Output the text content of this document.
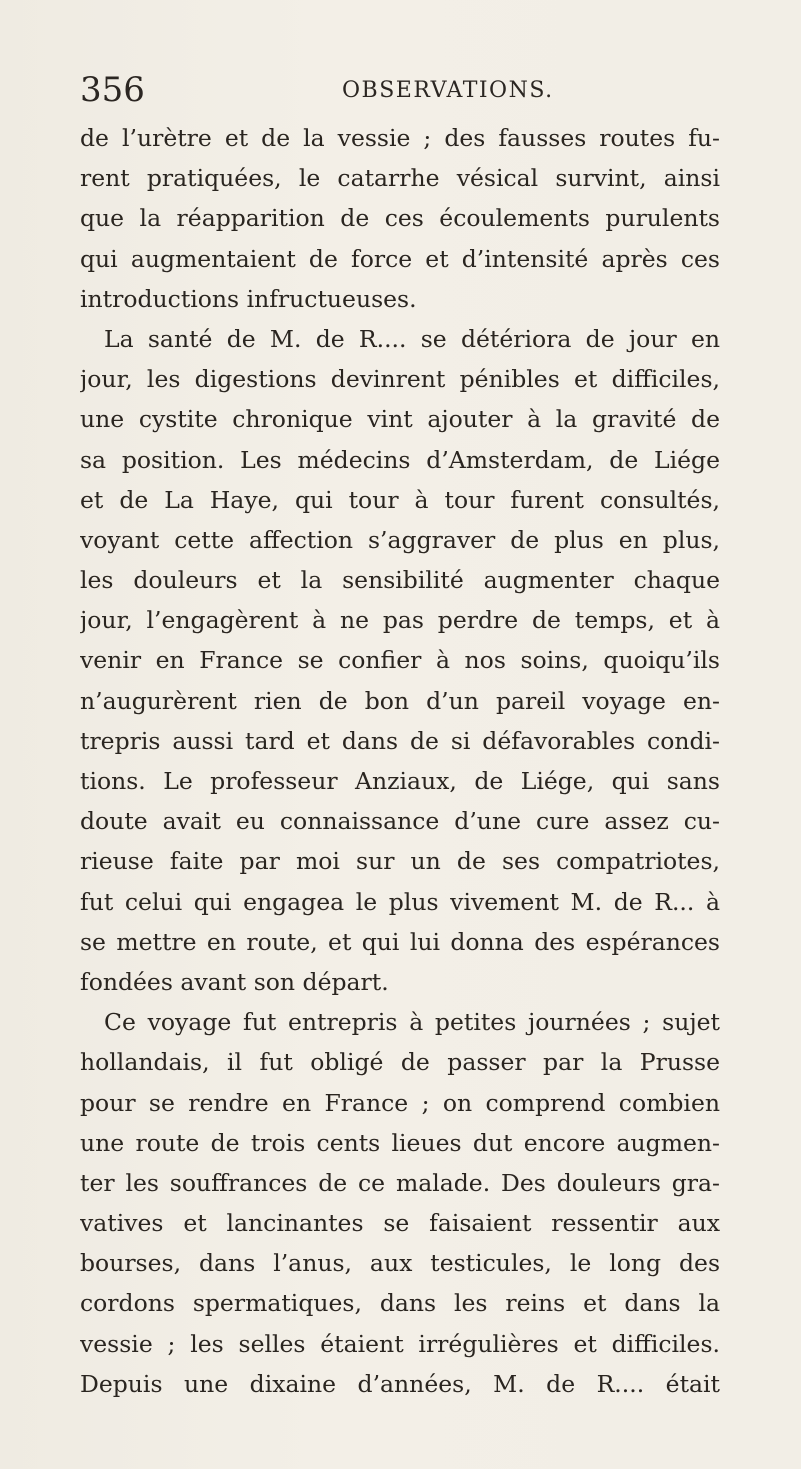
356	OBSERVATIONS.
de l’urètre et de la vessie ; des fausses routes fu-
rent pratiquées, le catarrhe vésical survint, ainsi
que la réapparition de ces écoulements purulents
qui augmentaient de force et d’intensité après ces
introductions infructueuses.
La santé de M. de R.... se détériora de jour en
jour, les digestions devinrent pénibles et difficiles,
une cystite chronique vint ajouter à la gravité de
sa position. Les médecins d’Amsterdam, de Liége
et de La Haye, qui tour à tour furent consultés,
voyant cette affection s’aggraver de plus en plus,
les douleurs et la sensibilité augmenter chaque
jour, l’engagèrent à ne pas perdre de temps, et à
venir en France se confier à nos soins, quoiqu’ils
n’augurèrent rien de bon d’un pareil voyage en-
trepris aussi tard et dans de si défavorables condi-
tions. Le professeur Anziaux, de Liége, qui sans
doute avait eu connaissance d’une cure assez cu-
rieuse faite par moi sur un de ses compatriotes,
fut celui qui engagea le plus vivement M. de R... à
se mettre en route, et qui lui donna des espérances
fondées avant son départ.
Ce voyage fut entrepris à petites journées ; sujet
hollandais, il fut obligé de passer par la Prusse
pour se rendre en France ; on comprend combien
une route de trois cents lieues dut encore augmen-
ter les souffrances de ce malade. Des douleurs gra-
vatives et lancinantes se faisaient ressentir aux
bourses, dans l’anus, aux testicules, le long des
cordons spermatiques, dans les reins et dans la
vessie ; les selles étaient irrégulières et difficiles.
Depuis une dixaine d’années, M. de R.... était
